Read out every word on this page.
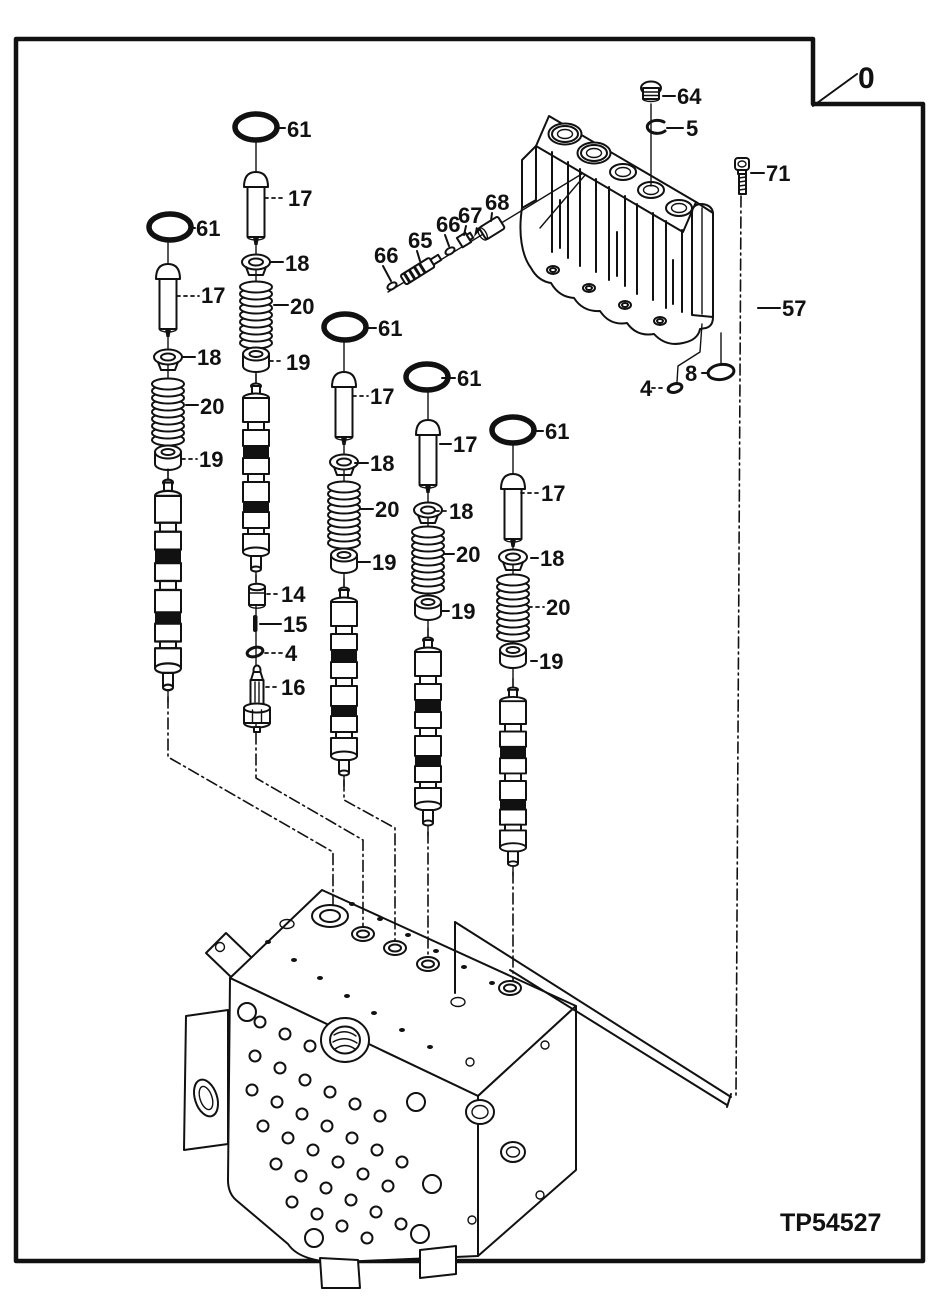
0
61
17
18
20
19
61
17
18
20
19
14
15
4
16
61
17
18
20
19
61
17
18
20
19
61
17
18
20
19
66
65
66
67
68
57
64
5
71
8
4
TP54527
